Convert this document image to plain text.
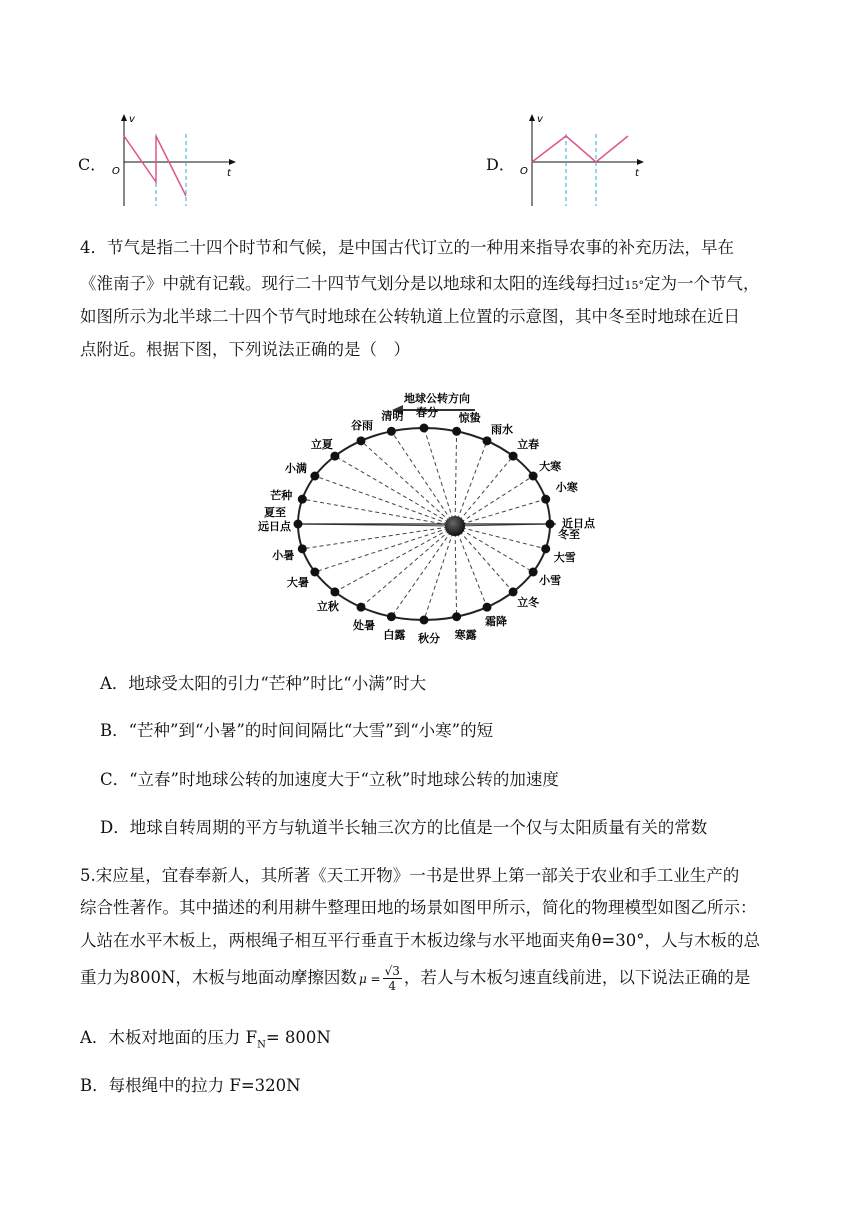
C．
v
O	t	D．
v
O	t
4．节气是指二十四个时节和气候，是中国古代订立的一种用来指导农事的补充历法，早在
《淮南子》中就有记载。现行二十四节气划分是以地球和太阳的连线每扫过15°定为一个节气，
如图所示为北半球二十四个节气时地球在公转轨道上位置的示意图，其中冬至时地球在近日
点附近。根据下图，下列说法正确的是（　）
地球公转方向
冬至
小寒
大寒
立春
雨水
惊蛰
春分
清明
谷雨
立夏
小满
芒种
夏至
小暑
大暑
立秋
处暑
白露 秋分 寒露
霜降
立冬
小雪
大雪
近日点
远日点
A．地球受太阳的引力“芒种”时比“小满”时大
B．“芒种”到“小暑”的时间间隔比“大雪”到“小寒”的短
C．“立春”时地球公转的加速度大于“立秋”时地球公转的加速度
D．地球自转周期的平方与轨道半长轴三次方的比值是一个仅与太阳质量有关的常数
5.宋应星，宜春奉新人，其所著《天工开物》一书是世界上第一部关于农业和手工业生产的
综合性著作。其中描述的利用耕牛整理田地的场景如图甲所示，简化的物理模型如图乙所示：
人站在水平木板上，两根绳子相互平行垂直于木板边缘与水平地面夹角θ=30°，人与木板的总
重力为800N，木板与地面动摩擦因数 $\mu = \frac{√3}{4}$ ，若人与木板匀速直线前进，以下说法正确的是
A．木板对地面的压力 $F_N= 800N$
B．每根绳中的拉力 F=320N
